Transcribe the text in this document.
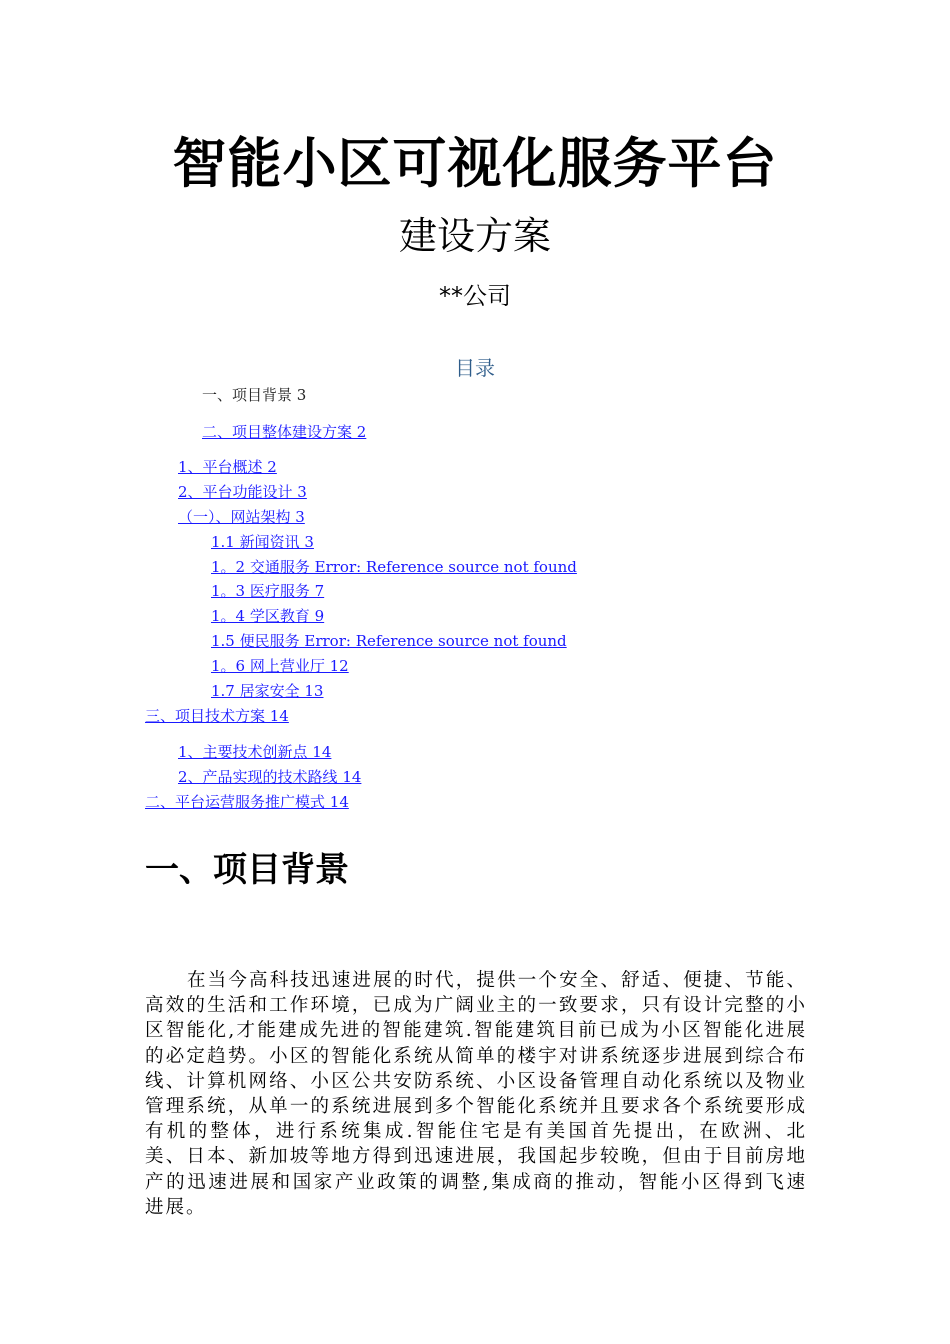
智能小区可视化服务平台
建设方案
**公司
目录
一、项目背景 3
二、项目整体建设方案 2
1、平台概述 2
2、平台功能设计 3
（一）、网站架构 3
1.1 新闻资讯 3
1。2 交通服务 Error: Reference source not found
1。3 医疗服务 7
1。4 学区教育 9
1.5 便民服务 Error: Reference source not found
1。6 网上营业厅 12
1.7 居家安全 13
三、项目技术方案 14
1、主要技术创新点 14
2、产品实现的技术路线 14
二、平台运营服务推广模式 14
一、项目背景
在当今高科技迅速进展的时代，提供一个安全、舒适、便捷、节能、高效的生活和工作环境，已成为广阔业主的一致要求，只有设计完整的小区智能化,才能建成先进的智能建筑.智能建筑目前已成为小区智能化进展的必定趋势。小区的智能化系统从简单的楼宇对讲系统逐步进展到综合布线、计算机网络、小区公共安防系统、小区设备管理自动化系统以及物业管理系统，从单一的系统进展到多个智能化系统并且要求各个系统要形成有机的整体，进行系统集成.智能住宅是有美国首先提出，在欧洲、北美、日本、新加坡等地方得到迅速进展，我国起步较晚，但由于目前房地产的迅速进展和国家产业政策的调整,集成商的推动，智能小区得到飞速进展。
